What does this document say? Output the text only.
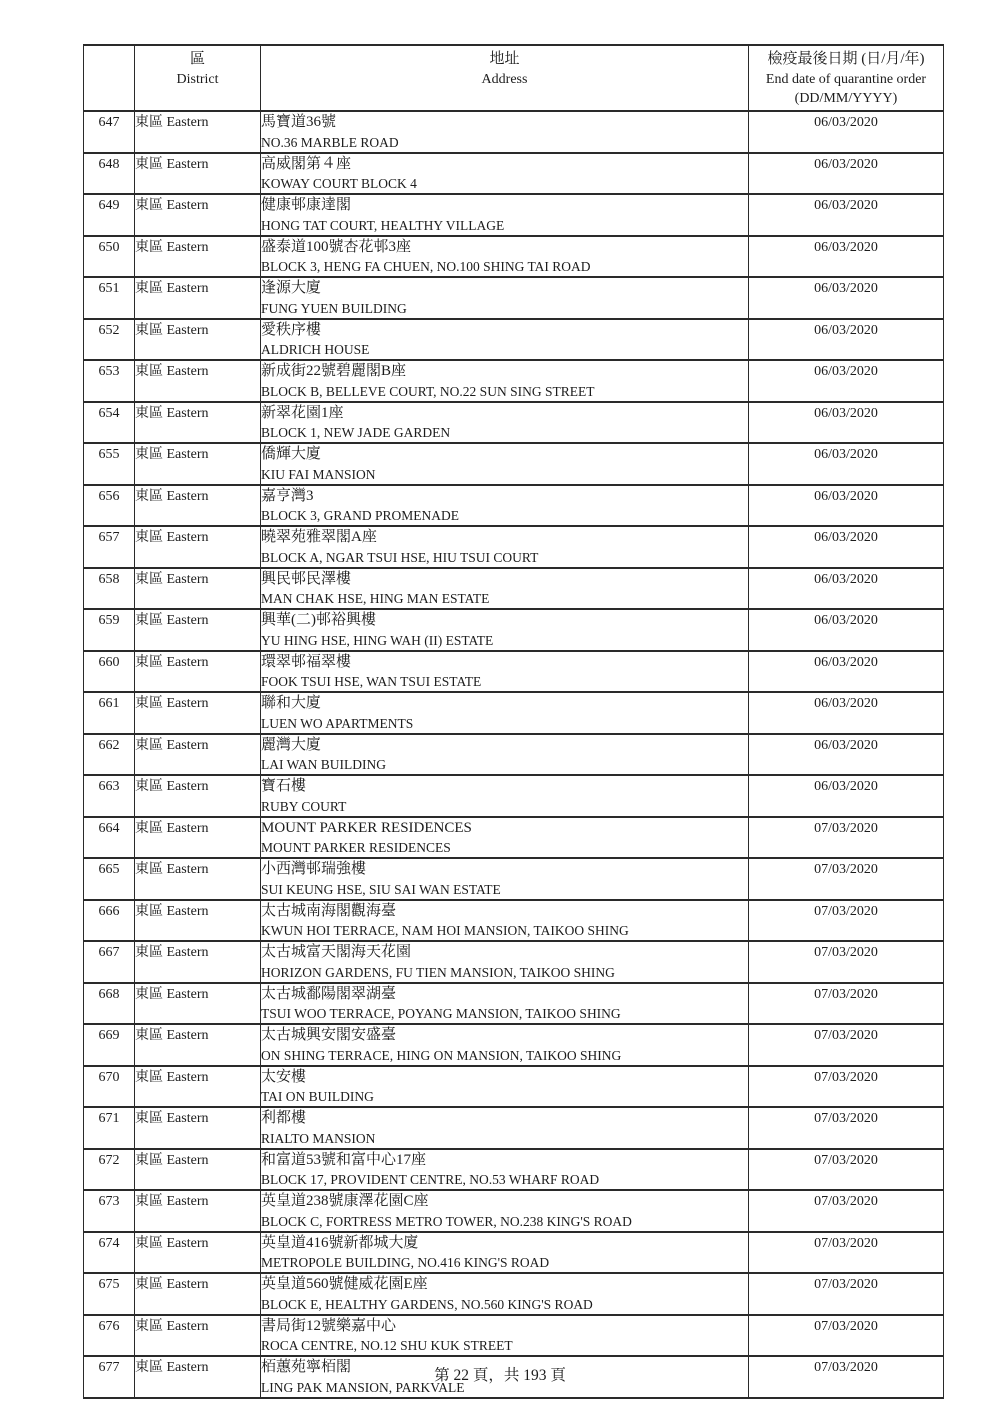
區
District

地址
Address

檢疫最後日期 (日/月/年)
End date of quarantine order
(DD/MM/YYYY)

647	東區 Eastern	馬寶道36號
NO.36 MARBLE ROAD	06/03/2020
648	東區 Eastern	高威閣第４座
KOWAY COURT BLOCK 4	06/03/2020
649	東區 Eastern	健康邨康達閣
HONG TAT COURT, HEALTHY VILLAGE	06/03/2020
650	東區 Eastern	盛泰道100號杏花邨3座
BLOCK 3, HENG FA CHUEN, NO.100 SHING TAI ROAD	06/03/2020
651	東區 Eastern	逢源大廈
FUNG YUEN BUILDING	06/03/2020
652	東區 Eastern	愛秩序樓
ALDRICH HOUSE	06/03/2020
653	東區 Eastern	新成街22號碧麗閣B座
BLOCK B, BELLEVE COURT, NO.22 SUN SING STREET	06/03/2020
654	東區 Eastern	新翠花園1座
BLOCK 1, NEW JADE GARDEN	06/03/2020
655	東區 Eastern	僑輝大廈
KIU FAI MANSION	06/03/2020
656	東區 Eastern	嘉亨灣3
BLOCK 3, GRAND PROMENADE	06/03/2020
657	東區 Eastern	曉翠苑雅翠閣A座
BLOCK A, NGAR TSUI HSE, HIU TSUI COURT	06/03/2020
658	東區 Eastern	興民邨民澤樓
MAN CHAK HSE, HING MAN ESTATE	06/03/2020
659	東區 Eastern	興華(二)邨裕興樓
YU HING HSE, HING WAH (II) ESTATE	06/03/2020
660	東區 Eastern	環翠邨福翠樓
FOOK TSUI HSE, WAN TSUI ESTATE	06/03/2020
661	東區 Eastern	聯和大廈
LUEN WO APARTMENTS	06/03/2020
662	東區 Eastern	麗灣大廈
LAI WAN BUILDING	06/03/2020
663	東區 Eastern	寶石樓
RUBY COURT	06/03/2020
664	東區 Eastern	MOUNT PARKER RESIDENCES
MOUNT PARKER RESIDENCES	07/03/2020
665	東區 Eastern	小西灣邨瑞強樓
SUI KEUNG HSE, SIU SAI WAN ESTATE	07/03/2020
666	東區 Eastern	太古城南海閣觀海臺
KWUN HOI TERRACE, NAM HOI MANSION, TAIKOO SHING	07/03/2020
667	東區 Eastern	太古城富天閣海天花園
HORIZON GARDENS, FU TIEN MANSION, TAIKOO SHING	07/03/2020
668	東區 Eastern	太古城鄱陽閣翠湖臺
TSUI WOO TERRACE, POYANG MANSION, TAIKOO SHING	07/03/2020
669	東區 Eastern	太古城興安閣安盛臺
ON SHING TERRACE, HING ON MANSION, TAIKOO SHING	07/03/2020
670	東區 Eastern	太安樓
TAI ON BUILDING	07/03/2020
671	東區 Eastern	利都樓
RIALTO MANSION	07/03/2020
672	東區 Eastern	和富道53號和富中心17座
BLOCK 17, PROVIDENT CENTRE, NO.53 WHARF ROAD	07/03/2020
673	東區 Eastern	英皇道238號康澤花園C座
BLOCK C, FORTRESS METRO TOWER, NO.238 KING'S ROAD	07/03/2020
674	東區 Eastern	英皇道416號新都城大廈
METROPOLE BUILDING, NO.416 KING'S ROAD	07/03/2020
675	東區 Eastern	英皇道560號健威花園E座
BLOCK E, HEALTHY GARDENS, NO.560 KING'S ROAD	07/03/2020
676	東區 Eastern	書局街12號樂嘉中心
ROCA CENTRE, NO.12 SHU KUK STREET	07/03/2020
677	東區 Eastern	栢蕙苑寧栢閣
LING PAK MANSION, PARKVALE	07/03/2020
第 22 頁，共 193 頁
